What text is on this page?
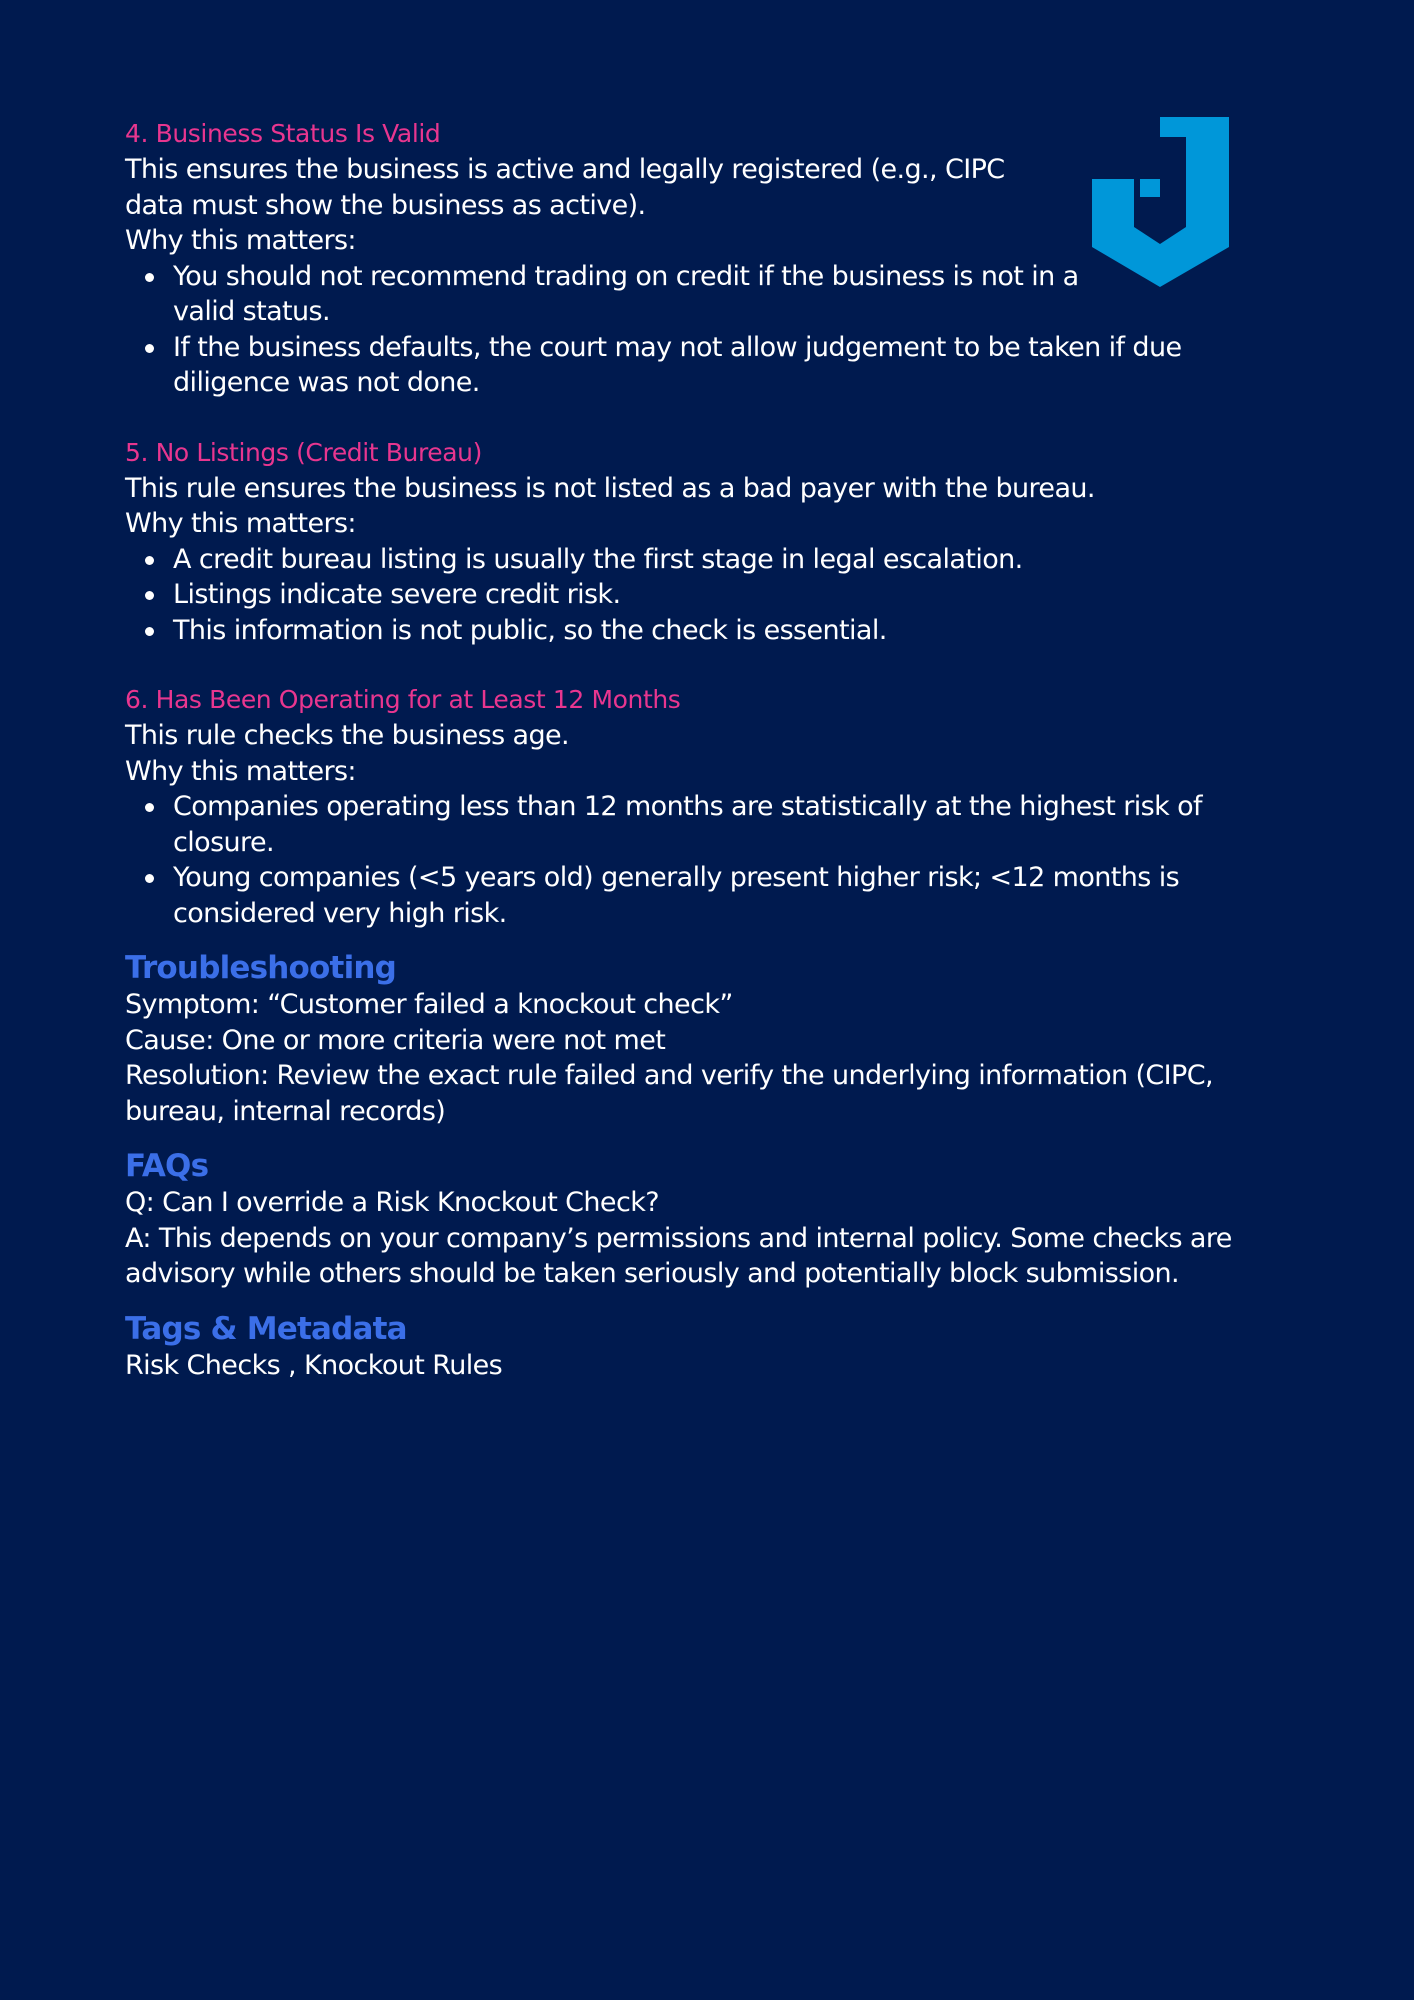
4. Business Status Is Valid

This ensures the business is active and legally registered (e.g., CIPC data must show the business as active).

Why this matters:

You should not recommend trading on credit if the business is not in a valid status.
If the business defaults, the court may not allow judgement to be taken if due diligence was not done.
5. No Listings (Credit Bureau)

This rule ensures the business is not listed as a bad payer with the bureau.

Why this matters:

A credit bureau listing is usually the first stage in legal escalation.
Listings indicate severe credit risk.
This information is not public, so the check is essential.
6. Has Been Operating for at Least 12 Months

This rule checks the business age.

Why this matters:

Companies operating less than 12 months are statistically at the highest risk of closure.
Young companies (<5 years old) generally present higher risk; <12 months is considered very high risk.
Troubleshooting

Symptom: “Customer failed a knockout check”

Cause: One or more criteria were not met

Resolution: Review the exact rule failed and verify the underlying information (CIPC, bureau, internal records)

FAQs

Q: Can I override a Risk Knockout Check?

A: This depends on your company’s permissions and internal policy. Some checks are advisory while others should be taken seriously and potentially block submission.

Tags & Metadata

Risk Checks , Knockout Rules
